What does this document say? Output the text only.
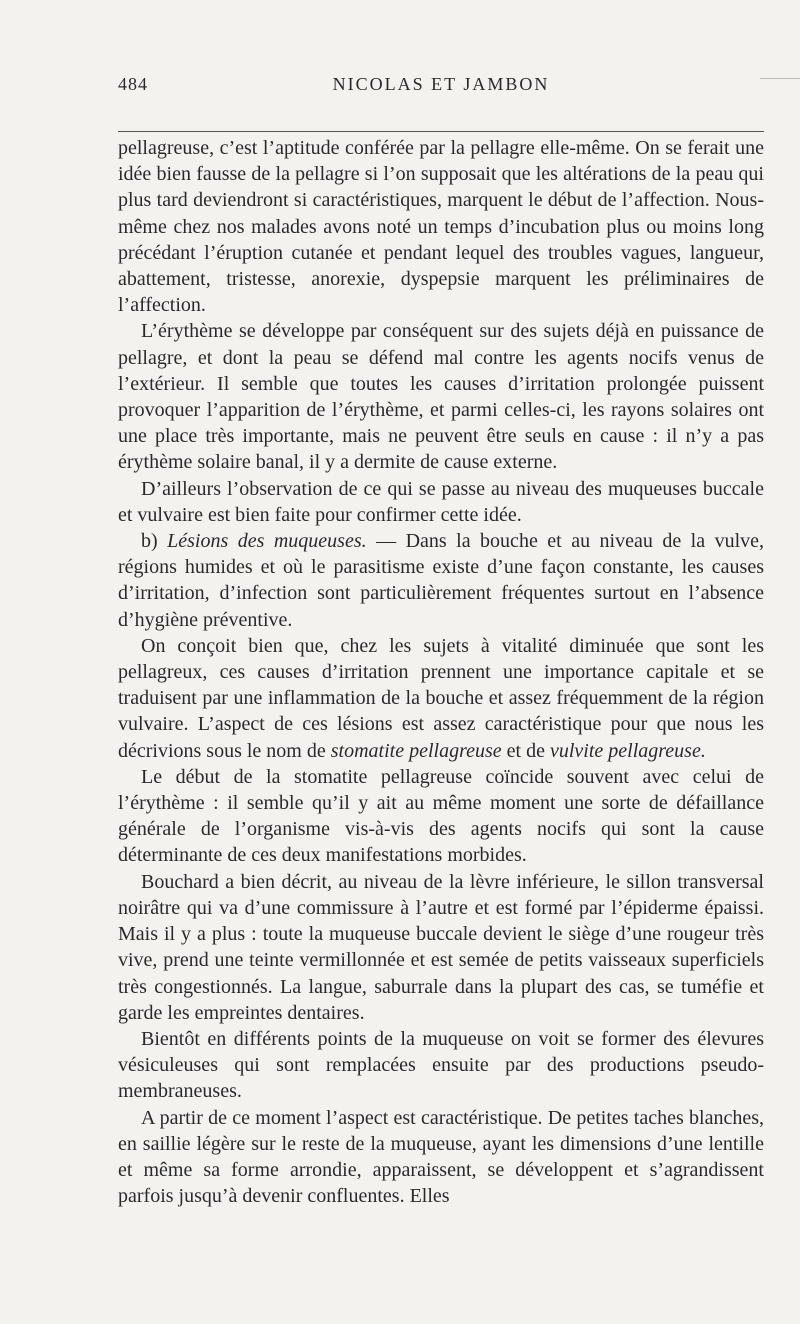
484	NICOLAS ET JAMBON

pellagreuse, c’est l’aptitude conférée par la pellagre elle-même. On se ferait une idée bien fausse de la pellagre si l’on supposait que les altérations de la peau qui plus tard deviendront si caractéristiques, marquent le début de l’affection. Nous-même chez nos malades avons noté un temps d’incubation plus ou moins long précédant l’éruption cutanée et pendant lequel des troubles vagues, langueur, abattement, tristesse, anorexie, dyspepsie marquent les préliminaires de l’affection.

L’érythème se développe par conséquent sur des sujets déjà en puissance de pellagre, et dont la peau se défend mal contre les agents nocifs venus de l’extérieur. Il semble que toutes les causes d’irritation prolongée puissent provoquer l’apparition de l’érythème, et parmi celles-ci, les rayons solaires ont une place très importante, mais ne peuvent être seuls en cause : il n’y a pas érythème solaire banal, il y a dermite de cause externe.

D’ailleurs l’observation de ce qui se passe au niveau des muqueuses buccale et vulvaire est bien faite pour confirmer cette idée.

b) Lésions des muqueuses. — Dans la bouche et au niveau de la vulve, régions humides et où le parasitisme existe d’une façon constante, les causes d’irritation, d’infection sont particulièrement fréquentes surtout en l’absence d’hygiène préventive.

On conçoit bien que, chez les sujets à vitalité diminuée que sont les pellagreux, ces causes d’irritation prennent une importance capitale et se traduisent par une inflammation de la bouche et assez fréquemment de la région vulvaire. L’aspect de ces lésions est assez caractéristique pour que nous les décrivions sous le nom de stomatite pellagreuse et de vulvite pellagreuse.

Le début de la stomatite pellagreuse coïncide souvent avec celui de l’érythème : il semble qu’il y ait au même moment une sorte de défaillance générale de l’organisme vis-à-vis des agents nocifs qui sont la cause déterminante de ces deux manifestations morbides.

Bouchard a bien décrit, au niveau de la lèvre inférieure, le sillon transversal noirâtre qui va d’une commissure à l’autre et est formé par l’épiderme épaissi. Mais il y a plus : toute la muqueuse buccale devient le siège d’une rougeur très vive, prend une teinte vermillonnée et est semée de petits vaisseaux superficiels très congestionnés. La langue, saburrale dans la plupart des cas, se tuméfie et garde les empreintes dentaires.

Bientôt en différents points de la muqueuse on voit se former des élevures vésiculeuses qui sont remplacées ensuite par des productions pseudo-membraneuses.

A partir de ce moment l’aspect est caractéristique. De petites taches blanches, en saillie légère sur le reste de la muqueuse, ayant les dimensions d’une lentille et même sa forme arrondie, apparaissent, se développent et s’agrandissent parfois jusqu’à devenir confluentes. Elles
